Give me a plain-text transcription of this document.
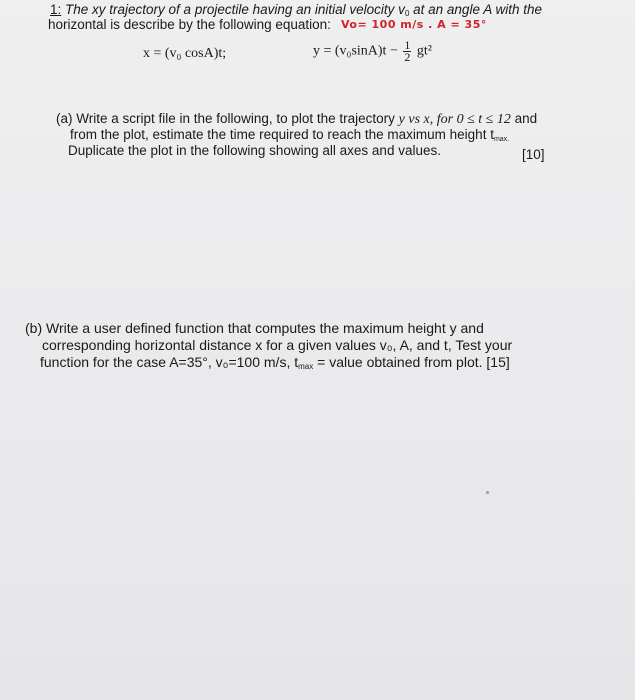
1: The xy trajectory of a projectile having an initial velocity $v_0$ at an angle A with the
horizontal is describe by the following equation: Vo= 100 m/s . A = 35°
x = (v₀ cosA)t;	$y = (v_0\sin A)t - \frac{1}{2} gt^2$
(a) Write a script file in the following, to plot the trajectory y vs x, for 0 ≤ t ≤ 12 and
from the plot, estimate the time required to reach the maximum height $t_{max.}$
Duplicate the plot in the following showing all axes and values.	[10]
(b) Write a user defined function that computes the maximum height y and
corresponding horizontal distance x for a given values v₀, A, and t, Test your
function for the case A=35°, v₀=100 m/s, $t_{max}$ = value obtained from plot. [15]
